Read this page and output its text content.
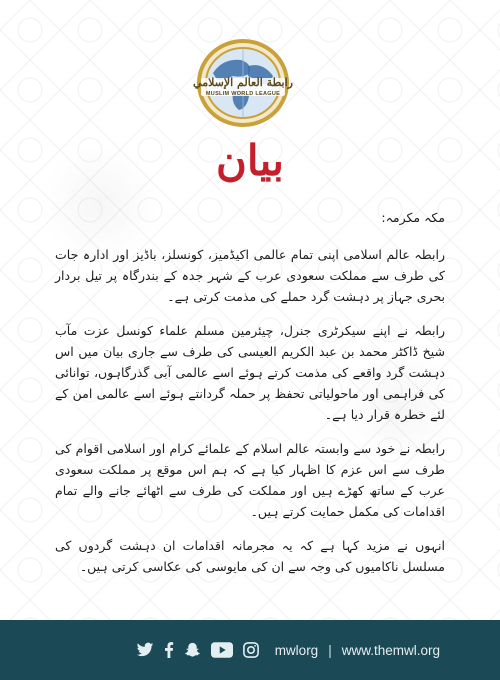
رابطة العالم الإسلامي
MUSLIM WORLD LEAGUE
بیان

مکہ مکرمہ:

رابطہ عالم اسلامی اپنی تمام عالمی اکیڈمیز، کونسلز، باڈیز اور ادارہ جات کی طرف سے مملکت سعودی عرب کے شہر جدہ کے بندرگاہ پر تیل بردار بحری جہاز پر دہشت گرد حملے کی مذمت کرتی ہے۔

رابطہ نے اپنے سیکرٹری جنرل، چیئرمین مسلم علماء کونسل عزت مآب شیخ ڈاکٹر محمد بن عبد الکریم العیسی کی طرف سے جاری بیان میں اس دہشت گرد واقعے کی مذمت کرتے ہوئے اسے عالمی آبی گذرگاہوں، توانائی کی فراہمی اور ماحولیاتی تحفظ پر حملہ گردانتے ہوئے اسے عالمی امن کے لئے خطرہ قرار دیا ہے۔

رابطہ نے خود سے وابستہ عالم اسلام کے علمائے کرام اور اسلامی اقوام کی طرف سے اس عزم کا اظہار کیا ہے کہ ہم اس موقع پر مملکت سعودی عرب کے ساتھ کھڑے ہیں اور مملکت کی طرف سے اٹھائے جانے والے تمام اقدامات کی مکمل حمایت کرتے ہیں۔

انہوں نے مزید کہا ہے کہ یہ مجرمانہ اقدامات ان دہشت گردوں کی مسلسل ناکامیوں کی وجہ سے ان کی مایوسی کی عکاسی کرتی ہیں۔

mwlorg | www.themwl.org
